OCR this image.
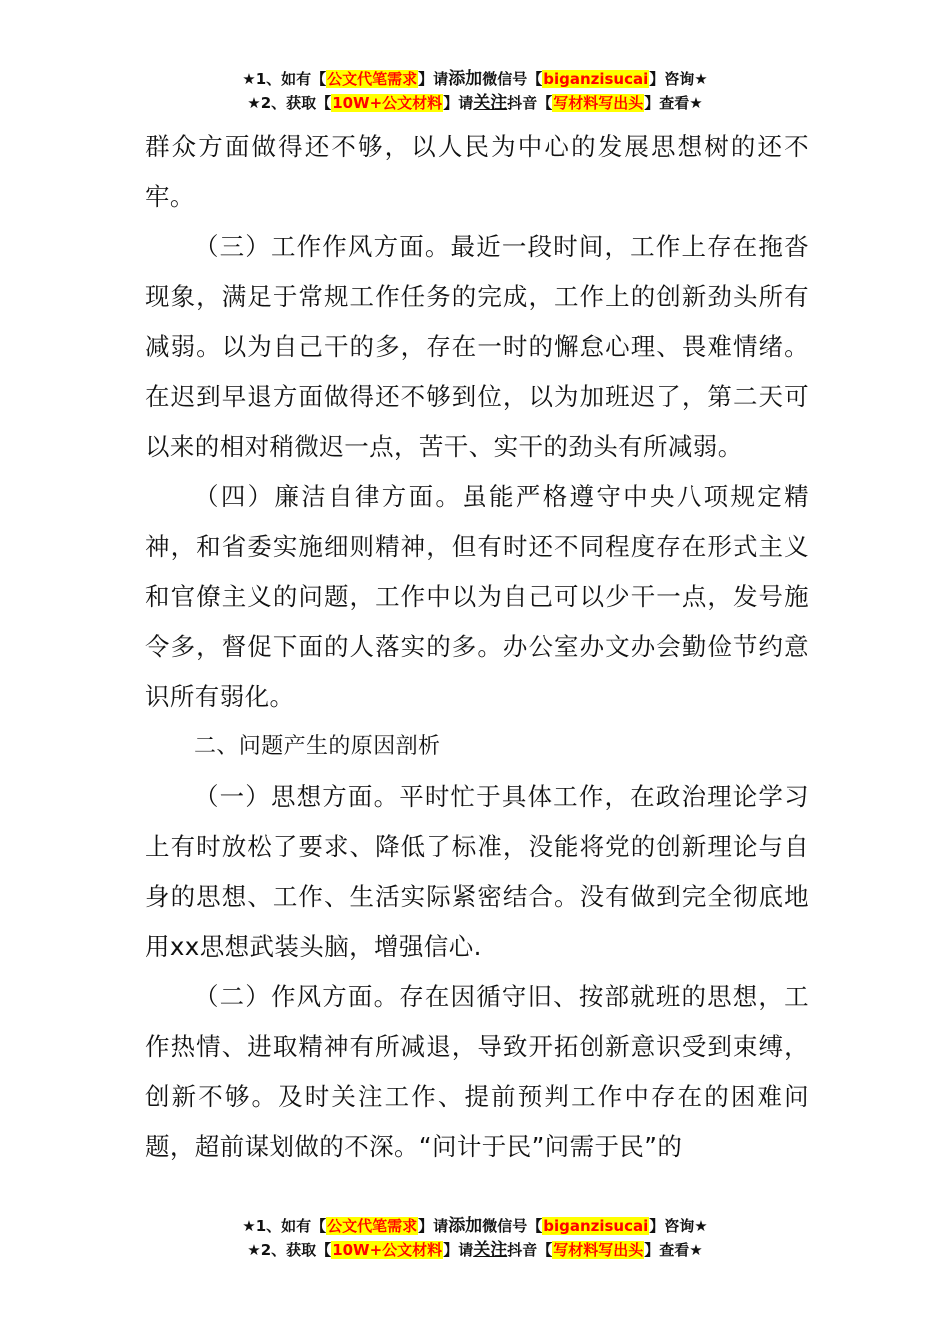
★1、如有【公文代笔需求】请添加微信号【biganzisucai】咨询★
★2、获取【10W+公文材料】请关注抖音【写材料写出头】查看★

群众方面做得还不够，以人民为中心的发展思想树的还不牢。

（三）工作作风方面。最近一段时间，工作上存在拖沓现象，满足于常规工作任务的完成，工作上的创新劲头所有减弱。以为自己干的多，存在一时的懈怠心理、畏难情绪。在迟到早退方面做得还不够到位，以为加班迟了，第二天可以来的相对稍微迟一点，苦干、实干的劲头有所减弱。

（四）廉洁自律方面。虽能严格遵守中央八项规定精神，和省委实施细则精神，但有时还不同程度存在形式主义和官僚主义的问题，工作中以为自己可以少干一点，发号施令多，督促下面的人落实的多。办公室办文办会勤俭节约意识所有弱化。

二、问题产生的原因剖析

（一）思想方面。平时忙于具体工作，在政治理论学习上有时放松了要求、降低了标准，没能将党的创新理论与自身的思想、工作、生活实际紧密结合。没有做到完全彻底地用xx思想武装头脑，增强信心.

（二）作风方面。存在因循守旧、按部就班的思想，工作热情、进取精神有所减退，导致开拓创新意识受到束缚，创新不够。及时关注工作、提前预判工作中存在的困难问题，超前谋划做的不深。“问计于民”问需于民”的

★1、如有【公文代笔需求】请添加微信号【biganzisucai】咨询★
★2、获取【10W+公文材料】请关注抖音【写材料写出头】查看★
